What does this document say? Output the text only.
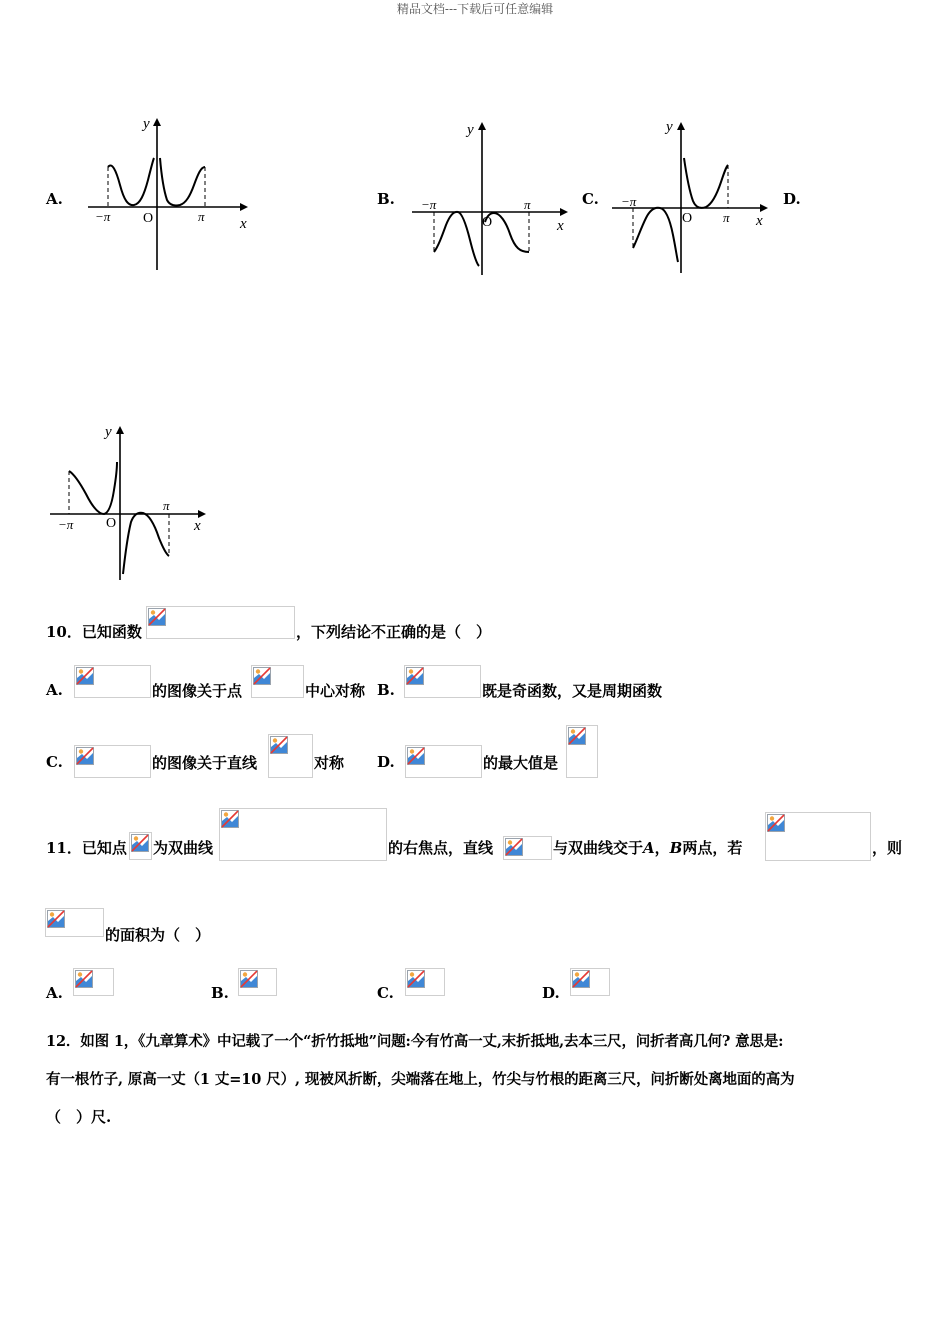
精品文档---下载后可任意编辑
A.	B.	C.	D.
y
x
O
−π	π
y
x
O
−π	π
y
x
O
−π
π
y
x
O
−π
π
10．已知函数	，下列结论不正确的是（　）
A.	的图像关于点	中心对称 B.	既是奇函数，又是周期函数
C.	的图像关于直线	对称 D.	的最大值是
11．已知点 为双曲线	的右焦点，直线	与双曲线交于A，B两点，若	，则
的面积为（　）
A.	B.	C.	D.
12．如图 1，《九章算术》中记载了一个“折竹抵地”问题:今有竹高一丈,末折抵地,去本三尺，问折者高几何? 意思是:
有一根竹子, 原高一丈（1 丈=10 尺）, 现被风折断，尖端落在地上，竹尖与竹根的距离三尺，问折断处离地面的高为
（　）尺.
